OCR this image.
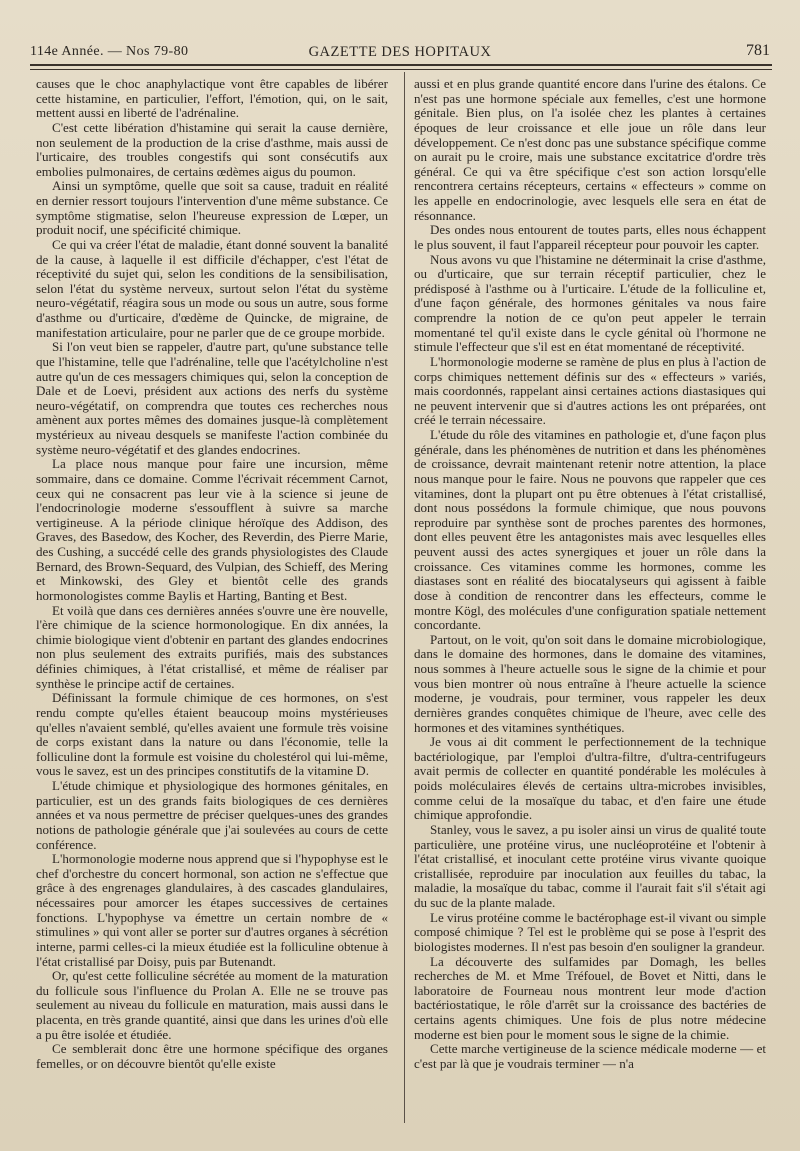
114e Année. — Nos 79-80	GAZETTE DES HOPITAUX	781

causes que le choc anaphylactique vont être capables de libérer cette histamine, en particulier, l'effort, l'émotion, qui, on le sait, mettent aussi en liberté de l'adrénaline.

C'est cette libération d'histamine qui serait la cause dernière, non seulement de la production de la crise d'asthme, mais aussi de l'urticaire, des troubles congestifs qui sont consécutifs aux embolies pulmonaires, de certains œdèmes aigus du poumon.

Ainsi un symptôme, quelle que soit sa cause, traduit en réalité en dernier ressort toujours l'intervention d'une même substance. Ce symptôme stigmatise, selon l'heureuse expression de Lœper, un produit nocif, une spécificité chimique.

Ce qui va créer l'état de maladie, étant donné souvent la banalité de la cause, à laquelle il est difficile d'échapper, c'est l'état de réceptivité du sujet qui, selon les conditions de la sensibilisation, selon l'état du système nerveux, surtout selon l'état du système neuro-végétatif, réagira sous un mode ou sous un autre, sous forme d'asthme ou d'urticaire, d'œdème de Quincke, de migraine, de manifestation articulaire, pour ne parler que de ce groupe morbide.

Si l'on veut bien se rappeler, d'autre part, qu'une substance telle que l'histamine, telle que l'adrénaline, telle que l'acétylcholine n'est autre qu'un de ces messagers chimiques qui, selon la conception de Dale et de Loevi, président aux actions des nerfs du système neuro-végétatif, on comprendra que toutes ces recherches nous amènent aux portes mêmes des domaines jusque-là complètement mystérieux au niveau desquels se manifeste l'action combinée du système neuro-végétatif et des glandes endocrines.

La place nous manque pour faire une incursion, même sommaire, dans ce domaine. Comme l'écrivait récemment Carnot, ceux qui ne consacrent pas leur vie à la science si jeune de l'endocrinologie moderne s'essoufflent à suivre sa marche vertigineuse. A la période clinique héroïque des Addison, des Graves, des Basedow, des Kocher, des Reverdin, des Pierre Marie, des Cushing, a succédé celle des grands physiologistes des Claude Bernard, des Brown-Sequard, des Vulpian, des Schieff, des Mering et Minkowski, des Gley et bientôt celle des grands hormonologistes comme Baylis et Harting, Banting et Best.

Et voilà que dans ces dernières années s'ouvre une ère nouvelle, l'ère chimique de la science hormonologique. En dix années, la chimie biologique vient d'obtenir en partant des glandes endocrines non plus seulement des extraits purifiés, mais des substances définies chimiques, à l'état cristallisé, et même de réaliser par synthèse le principe actif de certaines.

Définissant la formule chimique de ces hormones, on s'est rendu compte qu'elles étaient beaucoup moins mystérieuses qu'elles n'avaient semblé, qu'elles avaient une formule très voisine de corps existant dans la nature ou dans l'économie, telle la folliculine dont la formule est voisine du cholestérol qui lui-même, vous le savez, est un des principes constitutifs de la vitamine D.

L'étude chimique et physiologique des hormones génitales, en particulier, est un des grands faits biologiques de ces dernières années et va nous permettre de préciser quelques-unes des grandes notions de pathologie générale que j'ai soulevées au cours de cette conférence.

L'hormonologie moderne nous apprend que si l'hypophyse est le chef d'orchestre du concert hormonal, son action ne s'effectue que grâce à des engrenages glandulaires, à des cascades glandulaires, nécessaires pour amorcer les étapes successives de certaines fonctions. L'hypophyse va émettre un certain nombre de « stimulines » qui vont aller se porter sur d'autres organes à sécrétion interne, parmi celles-ci la mieux étudiée est la folliculine obtenue à l'état cristallisé par Doisy, puis par Butenandt.

Or, qu'est cette folliculine sécrétée au moment de la maturation du follicule sous l'influence du Prolan A. Elle ne se trouve pas seulement au niveau du follicule en maturation, mais aussi dans le placenta, en très grande quantité, ainsi que dans les urines d'où elle a pu être isolée et étudiée.

Ce semblerait donc être une hormone spécifique des organes femelles, or on découvre bientôt qu'elle existe

aussi et en plus grande quantité encore dans l'urine des étalons. Ce n'est pas une hormone spéciale aux femelles, c'est une hormone génitale. Bien plus, on l'a isolée chez les plantes à certaines époques de leur croissance et elle joue un rôle dans leur développement. Ce n'est donc pas une substance spécifique comme on aurait pu le croire, mais une substance excitatrice d'ordre très général. Ce qui va être spécifique c'est son action lorsqu'elle rencontrera certains récepteurs, certains « effecteurs » comme on les appelle en endocrinologie, avec lesquels elle sera en état de résonnance.

Des ondes nous entourent de toutes parts, elles nous échappent le plus souvent, il faut l'appareil récepteur pour pouvoir les capter.

Nous avons vu que l'histamine ne déterminait la crise d'asthme, ou d'urticaire, que sur terrain réceptif particulier, chez le prédisposé à l'asthme ou à l'urticaire. L'étude de la folliculine et, d'une façon générale, des hormones génitales va nous faire comprendre la notion de ce qu'on peut appeler le terrain momentané tel qu'il existe dans le cycle génital où l'hormone ne stimule l'effecteur que s'il est en état momentané de réceptivité.

L'hormonologie moderne se ramène de plus en plus à l'action de corps chimiques nettement définis sur des « effecteurs » variés, mais coordonnés, rappelant ainsi certaines actions diastasiques qui ne peuvent intervenir que si d'autres actions les ont préparées, ont créé le terrain nécessaire.

L'étude du rôle des vitamines en pathologie et, d'une façon plus générale, dans les phénomènes de nutrition et dans les phénomènes de croissance, devrait maintenant retenir notre attention, la place nous manque pour le faire. Nous ne pouvons que rappeler que ces vitamines, dont la plupart ont pu être obtenues à l'état cristallisé, dont nous possédons la formule chimique, que nous pouvons reproduire par synthèse sont de proches parentes des hormones, dont elles peuvent être les antagonistes mais avec lesquelles elles peuvent aussi des actes synergiques et jouer un rôle dans la croissance. Ces vitamines comme les hormones, comme les diastases sont en réalité des biocatalyseurs qui agissent à faible dose à condition de rencontrer dans les effecteurs, comme le montre Kögl, des molécules d'une configuration spatiale nettement concordante.

Partout, on le voit, qu'on soit dans le domaine microbiologique, dans le domaine des hormones, dans le domaine des vitamines, nous sommes à l'heure actuelle sous le signe de la chimie et pour vous bien montrer où nous entraîne à l'heure actuelle la science moderne, je voudrais, pour terminer, vous rappeler les deux dernières grandes conquêtes chimique de l'heure, avec celle des hormones et des vitamines synthétiques.

Je vous ai dit comment le perfectionnement de la technique bactériologique, par l'emploi d'ultra-filtre, d'ultra-centrifugeurs avait permis de collecter en quantité pondérable les molécules à poids moléculaires élevés de certains ultra-microbes invisibles, comme celui de la mosaïque du tabac, et d'en faire une étude chimique approfondie.

Stanley, vous le savez, a pu isoler ainsi un virus de qualité toute particulière, une protéine virus, une nucléoprotéine et l'obtenir à l'état cristallisé, et inoculant cette protéine virus vivante quoique cristallisée, reproduire par inoculation aux feuilles du tabac, la maladie, la mosaïque du tabac, comme il l'aurait fait s'il s'était agi du suc de la plante malade.

Le virus protéine comme le bactérophage est-il vivant ou simple composé chimique ? Tel est le problème qui se pose à l'esprit des biologistes modernes. Il n'est pas besoin d'en souligner la grandeur.

La découverte des sulfamides par Domagh, les belles recherches de M. et Mme Tréfouel, de Bovet et Nitti, dans le laboratoire de Fourneau nous montrent leur mode d'action bactériostatique, le rôle d'arrêt sur la croissance des bactéries de certains agents chimiques. Une fois de plus notre médecine moderne est bien pour le moment sous le signe de la chimie.

Cette marche vertigineuse de la science médicale moderne — et c'est par là que je voudrais terminer — n'a
